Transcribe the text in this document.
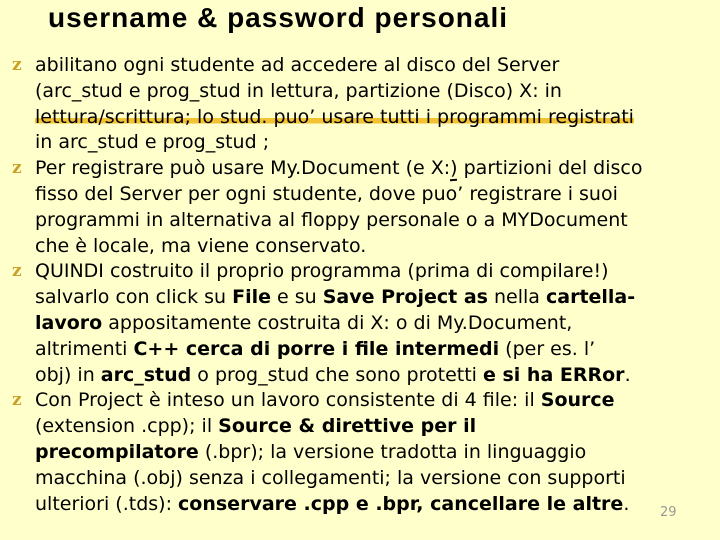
username & password personali
z abilitano ogni studente ad accedere al disco del Server
(arc_stud e prog_stud in lettura, partizione (Disco) X: in
lettura/scrittura; lo stud. puo’ usare tutti i programmi registrati
in arc_stud e prog_stud ;
z Per registrare può usare My.Document (e X:) partizioni del disco
fisso del Server per ogni studente, dove puo’ registrare i suoi
programmi in alternativa al floppy personale o a MYDocument
che è locale, ma viene conservato.
z QUINDI costruito il proprio programma (prima di compilare!)
salvarlo con click su File e su Save Project as nella cartella-
lavoro appositamente costruita di X: o di My.Document,
altrimenti C++ cerca di porre i file intermedi (per es. l’
obj) in arc_stud o prog_stud che sono protetti e si ha ERRor.
z Con Project è inteso un lavoro consistente di 4 file: il Source
(extension .cpp); il Source & direttive per il
precompilatore (.bpr); la versione tradotta in linguaggio
macchina (.obj) senza i collegamenti; la versione con supporti
ulteriori (.tds): conservare .cpp e .bpr, cancellare le altre.	29
